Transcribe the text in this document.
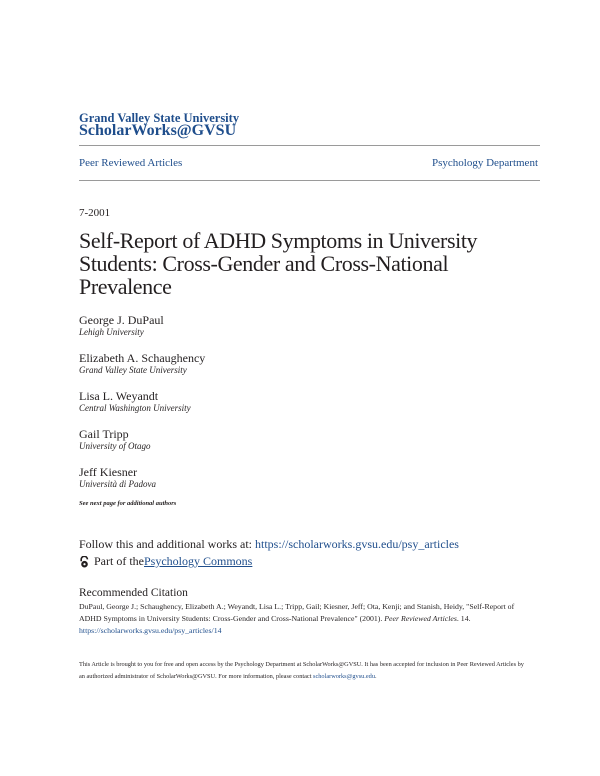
Grand Valley State University
ScholarWorks@GVSU
Peer Reviewed Articles	Psychology Department
7-2001
Self-Report of ADHD Symptoms in University Students: Cross-Gender and Cross-National Prevalence
George J. DuPaul
Lehigh University
Elizabeth A. Schaughency
Grand Valley State University
Lisa L. Weyandt
Central Washington University
Gail Tripp
University of Otago
Jeff Kiesner
Università di Padova
See next page for additional authors
Follow this and additional works at: https://scholarworks.gvsu.edu/psy_articles
Part of the Psychology Commons
Recommended Citation
DuPaul, George J.; Schaughency, Elizabeth A.; Weyandt, Lisa L.; Tripp, Gail; Kiesner, Jeff; Ota, Kenji; and Stanish, Heidy, "Self-Report of ADHD Symptoms in University Students: Cross-Gender and Cross-National Prevalence" (2001). Peer Reviewed Articles. 14.
https://scholarworks.gvsu.edu/psy_articles/14
This Article is brought to you for free and open access by the Psychology Department at ScholarWorks@GVSU. It has been accepted for inclusion in Peer Reviewed Articles by an authorized administrator of ScholarWorks@GVSU. For more information, please contact scholarworks@gvsu.edu.
